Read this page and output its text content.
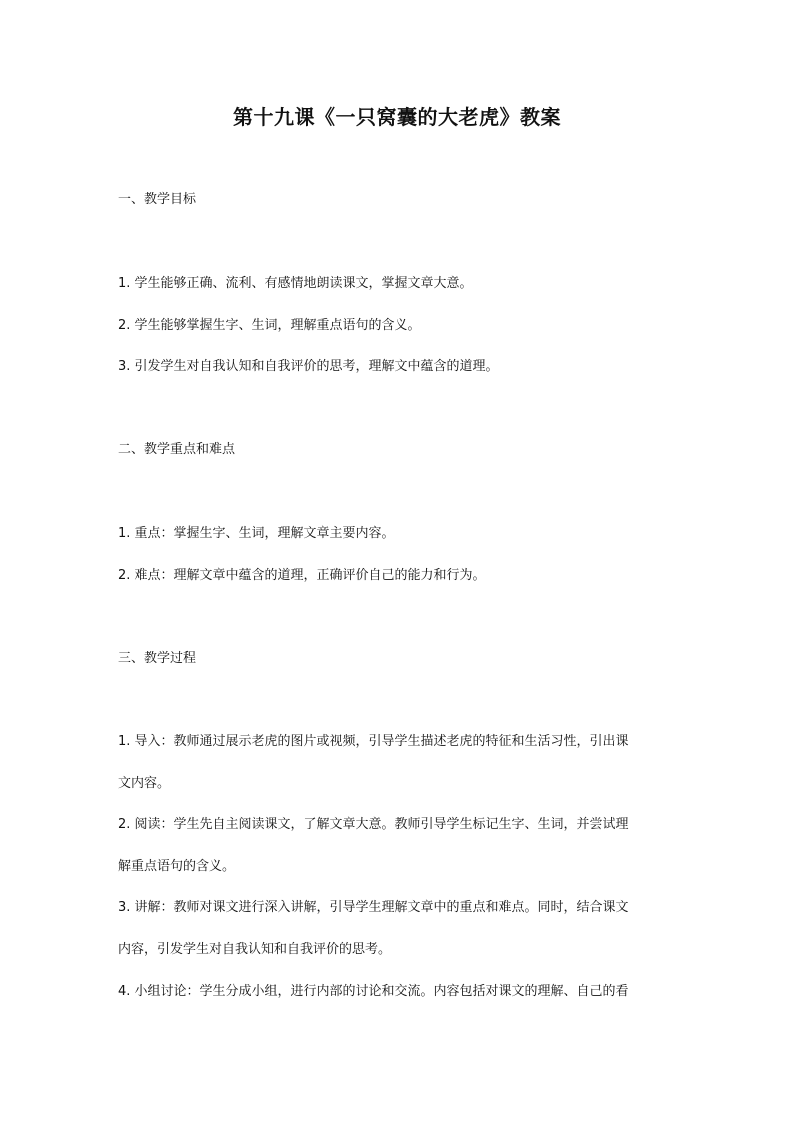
第十九课《一只窝囊的大老虎》教案
一、教学目标
1. 学生能够正确、流利、有感情地朗读课文，掌握文章大意。
2. 学生能够掌握生字、生词，理解重点语句的含义。
3. 引发学生对自我认知和自我评价的思考，理解文中蕴含的道理。
二、教学重点和难点
1. 重点：掌握生字、生词，理解文章主要内容。
2. 难点：理解文章中蕴含的道理，正确评价自己的能力和行为。
三、教学过程
1. 导入：教师通过展示老虎的图片或视频，引导学生描述老虎的特征和生活习性，引出课
文内容。
2. 阅读：学生先自主阅读课文，了解文章大意。教师引导学生标记生字、生词，并尝试理
解重点语句的含义。
3. 讲解：教师对课文进行深入讲解，引导学生理解文章中的重点和难点。同时，结合课文
内容，引发学生对自我认知和自我评价的思考。
4. 小组讨论：学生分成小组，进行内部的讨论和交流。内容包括对课文的理解、自己的看
